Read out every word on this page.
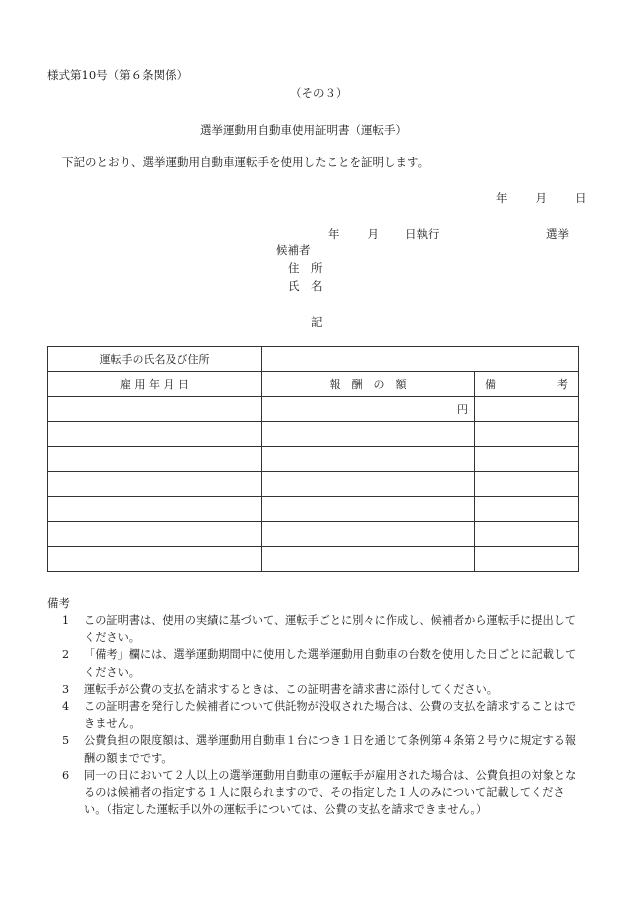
様式第10号（第６条関係）
（その３）
選挙運動用自動車使用証明書（運転手）
下記のとおり、選挙運動用自動車運転手を使用したことを証明します。
年 月 日
年 月 日執行	選挙
候補者
住　所
氏　名
記
運転手の氏名及び住所		
雇 用 年 月 日	報　酬　の　額	備 考

	円	

備考
1	この証明書は、使用の実績に基づいて、運転手ごとに別々に作成し、候補者から運転手に提出してください。
2	「備考」欄には、選挙運動期間中に使用した選挙運動用自動車の台数を使用した日ごとに記載してください。
3	運転手が公費の支払を請求するときは、この証明書を請求書に添付してください。
4	この証明書を発行した候補者について供託物が没収された場合は、公費の支払を請求することはできません。
5	公費負担の限度額は、選挙運動用自動車１台につき１日を通じて条例第４条第２号ウに規定する報酬の額までです。
6	同一の日において２人以上の選挙運動用自動車の運転手が雇用された場合は、公費負担の対象となるのは候補者の指定する１人に限られますので、その指定した１人のみについて記載してください。（指定した運転手以外の運転手については、公費の支払を請求できません。）
